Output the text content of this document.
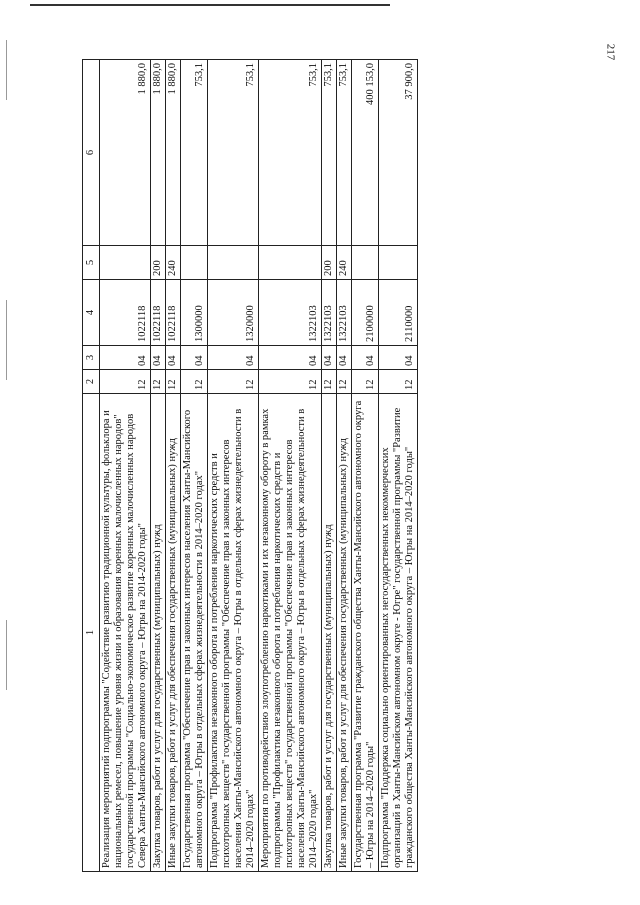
217
1	2	3	4	5	6
Реализация мероприятий подпрограммы "Содействие развитию традиционной культуры, фольклора и национальных ремесел, повышение уровня жизни и образования коренных малочисленных народов" государственной программы "Социально-экономическое развитие коренных малочисленных народов Севера Ханты-Мансийского автономного округа – Югры на 2014-2020 годы"	12	04	1022118		1 880,0
Закупка товаров, работ и услуг для государственных (муниципальных) нужд	12	04	1022118	200	1 880,0
Иные закупки товаров, работ и услуг для обеспечения государственных (муниципальных) нужд	12	04	1022118	240	1 880,0
Государственная программа "Обеспечение прав и законных интересов населения Ханты-Мансийского автономного округа – Югры в отдельных сферах жизнедеятельности в 2014–2020 годах"	12	04	1300000		753,1
Подпрограмма "Профилактика незаконного оборота и потребления наркотических средств и психотропных веществ" государственной программы "Обеспечение прав и законных интересов населения Ханты-Мансийского автономного округа – Югры в отдельных сферах жизнедеятельности в 2014–2020 годах"	12	04	1320000		753,1
Мероприятия по противодействию злоупотреблению наркотиками и их незаконному обороту в рамках подпрограммы "Профилактика незаконного оборота и потребления наркотических средств и психотропных веществ" государственной программы "Обеспечение прав и законных интересов населения Ханты-Мансийского автономного округа – Югры в отдельных сферах жизнедеятельности в 2014–2020 годах"	12	04	1322103		753,1
Закупка товаров, работ и услуг для государственных (муниципальных) нужд	12	04	1322103	200	753,1
Иные закупки товаров, работ и услуг для обеспечения государственных (муниципальных) нужд	12	04	1322103	240	753,1
Государственная программа "Развитие гражданского общества Ханты-Мансийского автономного округа – Югры на 2014–2020 годы"	12	04	2100000		400 153,0
Подпрограмма "Поддержка социально ориентированных негосударственных некоммерческих организаций в Ханты-Мансийском автономном округе - Югре" государственной программы "Развитие гражданского общества Ханты-Мансийского автономного округа – Югры на 2014–2020 годы"	12	04	2110000		37 900,0
